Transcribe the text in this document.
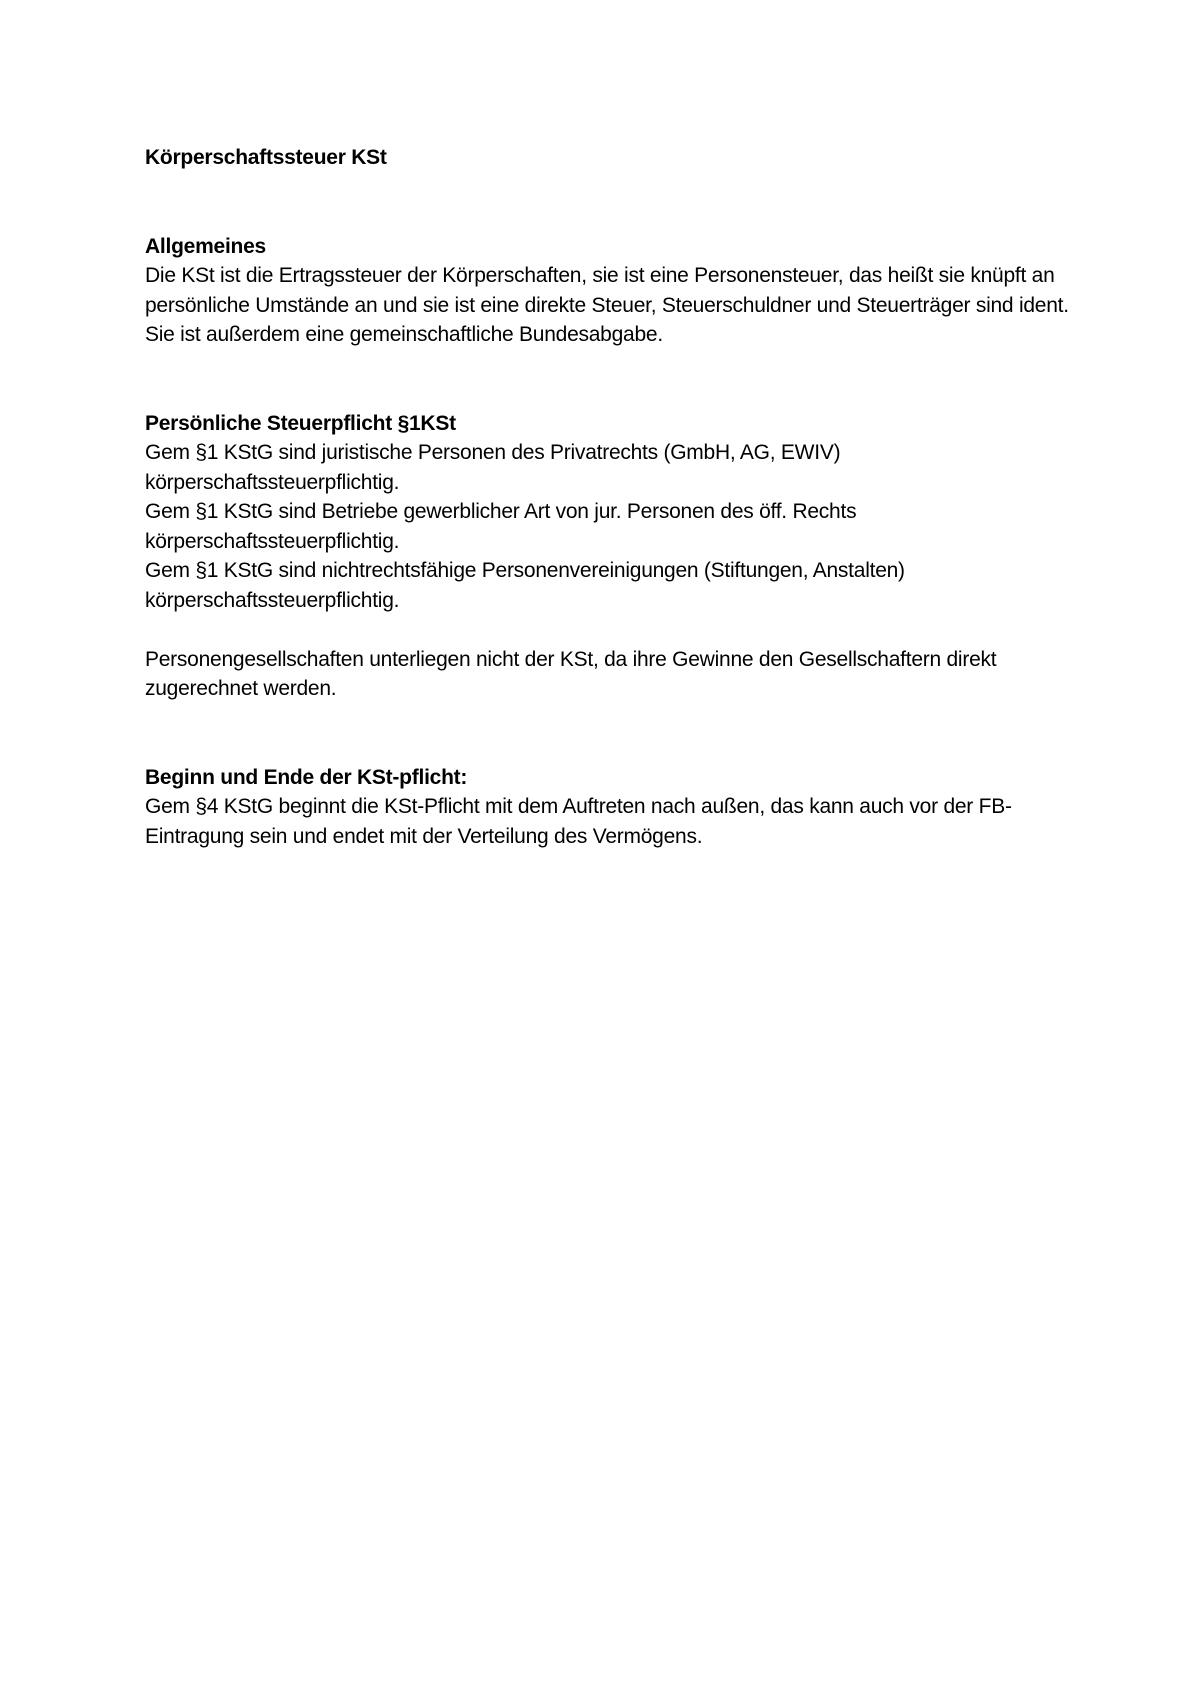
Körperschaftssteuer KSt
Allgemeines
Die KSt ist die Ertragssteuer der Körperschaften, sie ist eine Personensteuer, das heißt sie knüpft an persönliche Umstände an und sie ist eine direkte Steuer, Steuerschuldner und Steuerträger sind ident.
Sie ist außerdem eine gemeinschaftliche Bundesabgabe.
Persönliche Steuerpflicht §1KSt
Gem §1 KStG sind juristische Personen des Privatrechts (GmbH, AG, EWIV) körperschaftssteuerpflichtig.
Gem §1 KStG sind Betriebe gewerblicher Art von jur. Personen des öff. Rechts körperschaftssteuerpflichtig.
Gem §1 KStG sind nichtrechtsfähige Personenvereinigungen (Stiftungen, Anstalten) körperschaftssteuerpflichtig.
Personengesellschaften unterliegen nicht der KSt, da ihre Gewinne den Gesellschaftern direkt zugerechnet werden.
Beginn und Ende der KSt-pflicht:
Gem §4 KStG beginnt die KSt-Pflicht mit dem Auftreten nach außen, das kann auch vor der FB-Eintragung sein und endet mit der Verteilung des Vermögens.
